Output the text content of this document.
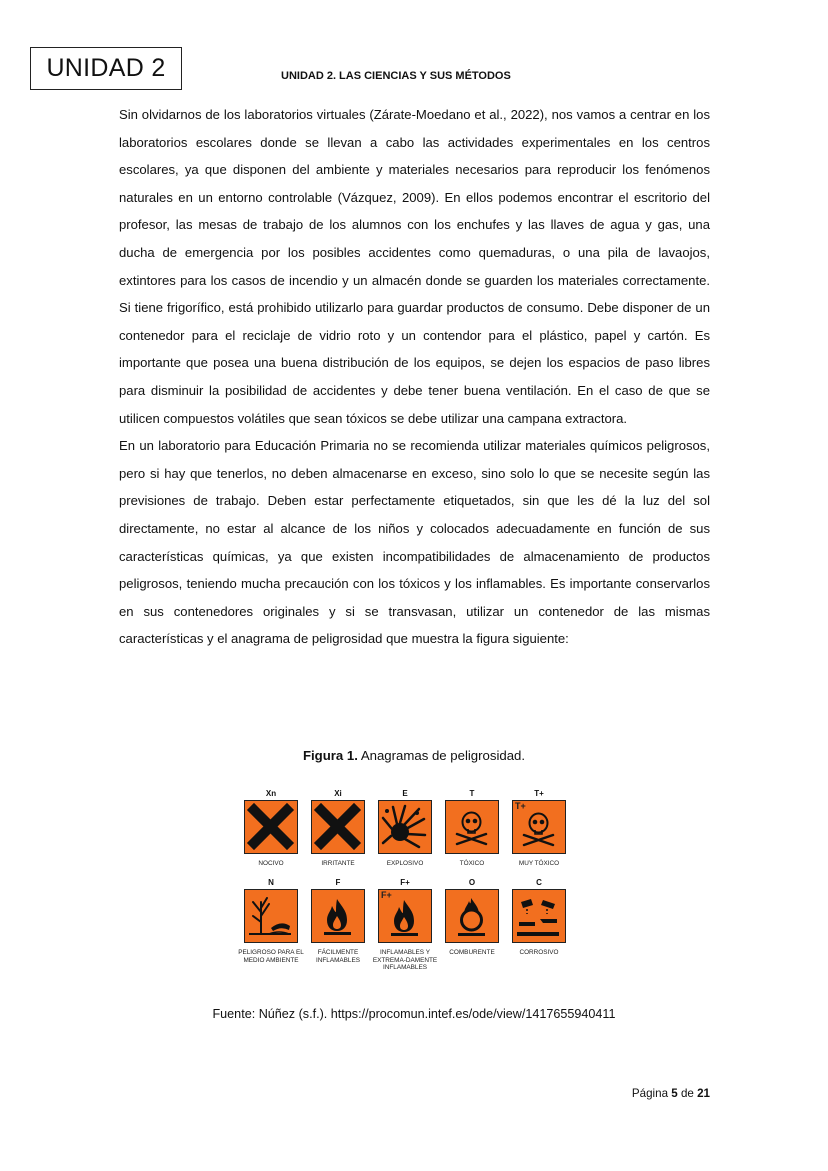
UNIDAD 2	UNIDAD 2. LAS CIENCIAS Y SUS MÉTODOS

Sin olvidarnos de los laboratorios virtuales (Zárate-Moedano et al., 2022), nos vamos a centrar en los laboratorios escolares donde se llevan a cabo las actividades experimentales en los centros escolares, ya que disponen del ambiente y materiales necesarios para reproducir los fenómenos naturales en un entorno controlable (Vázquez, 2009). En ellos podemos encontrar el escritorio del profesor, las mesas de trabajo de los alumnos con los enchufes y las llaves de agua y gas, una ducha de emergencia por los posibles accidentes como quemaduras, o una pila de lavaojos, extintores para los casos de incendio y un almacén donde se guarden los materiales correctamente. Si tiene frigorífico, está prohibido utilizarlo para guardar productos de consumo. Debe disponer de un contenedor para el reciclaje de vidrio roto y un contendor para el plástico, papel y cartón. Es importante que posea una buena distribución de los equipos, se dejen los espacios de paso libres para disminuir la posibilidad de accidentes y debe tener buena ventilación. En el caso de que se utilicen compuestos volátiles que sean tóxicos se debe utilizar una campana extractora.

En un laboratorio para Educación Primaria no se recomienda utilizar materiales químicos peligrosos, pero si hay que tenerlos, no deben almacenarse en exceso, sino solo lo que se necesite según las previsiones de trabajo. Deben estar perfectamente etiquetados, sin que les dé la luz del sol directamente, no estar al alcance de los niños y colocados adecuadamente en función de sus características químicas, ya que existen incompatibilidades de almacenamiento de productos peligrosos, teniendo mucha precaución con los tóxicos y los inflamables. Es importante conservarlos en sus contenedores originales y si se transvasan, utilizar un contenedor de las mismas características y el anagrama de peligrosidad que muestra la figura siguiente:

Figura 1. Anagramas de peligrosidad.
Xn
NOCIVO
Xi
IRRITANTE
E
EXPLOSIVO
T
TÓXICO
T+
T+
MUY TÓXICO
N
PELIGROSO PARA EL MEDIO AMBIENTE
F
FÁCILMENTE INFLAMABLES
F+
F+
INFLAMABLES Y EXTREMA-DAMENTE INFLAMABLES
O
COMBURENTE
C
CORROSIVO
Fuente: Núñez (s.f.). https://procomun.intef.es/ode/view/1417655940411
Página 5 de 21
